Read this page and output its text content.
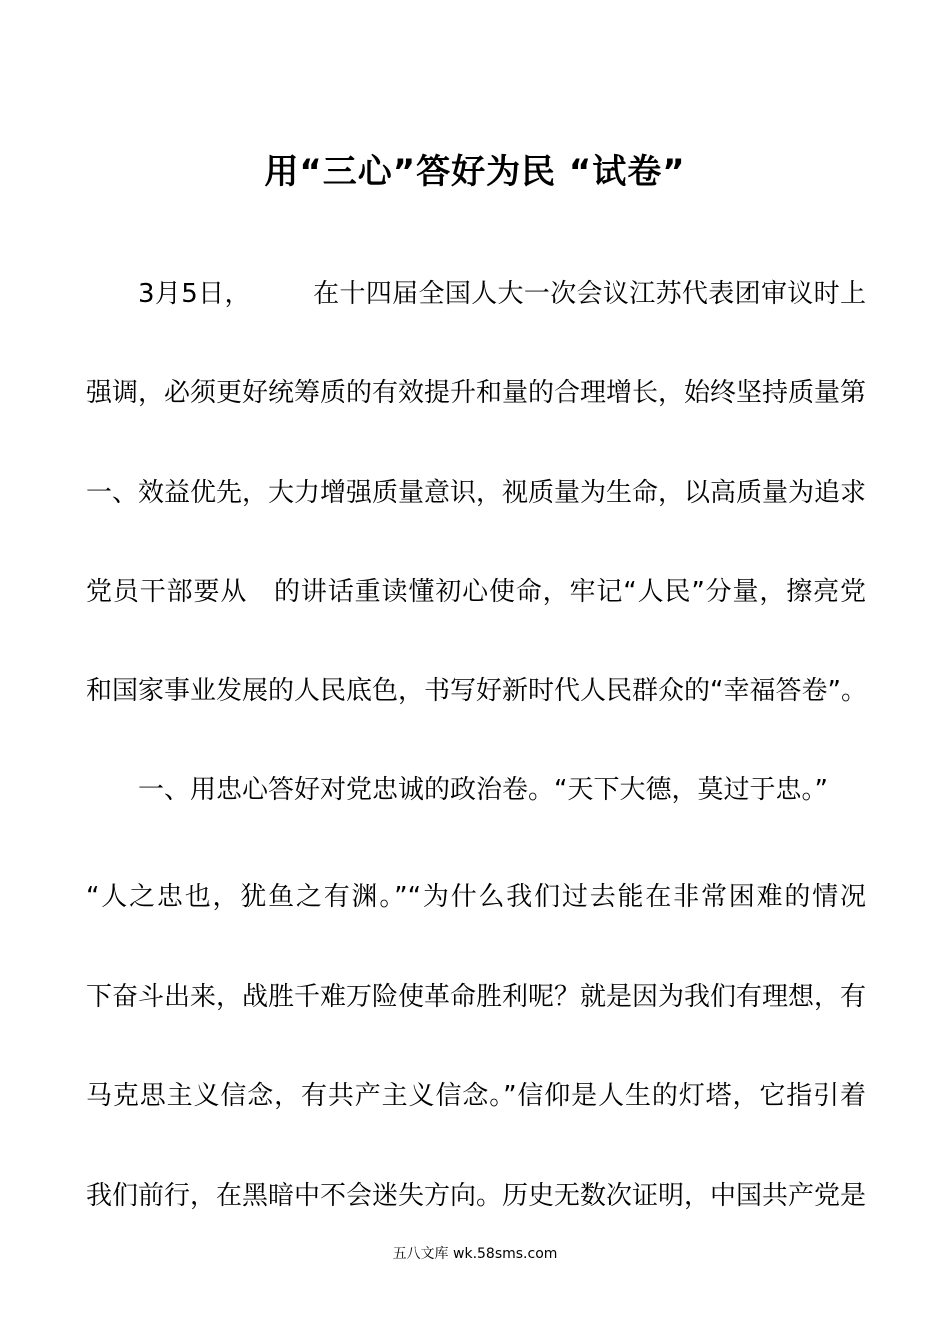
用“三心”答好为民 “试卷”
3月5日， 在十四届全国人大一次会议江苏代表团审议时上
强调，必须更好统筹质的有效提升和量的合理增长，始终坚持质量第
一、效益优先，大力增强质量意识，视质量为生命，以高质量为追求
党员干部要从 的讲话重读懂初心使命，牢记“人民”分量，擦亮党
和国家事业发展的人民底色，书写好新时代人民群众的“幸福答卷”。
一、用忠心答好对党忠诚的政治卷。“天下大德，莫过于忠。”
“人之忠也，犹鱼之有渊。”“为什么我们过去能在非常困难的情况
下奋斗出来，战胜千难万险使革命胜利呢？就是因为我们有理想，有
马克思主义信念，有共产主义信念。”信仰是人生的灯塔，它指引着
我们前行，在黑暗中不会迷失方向。历史无数次证明，中国共产党是
五八文库 wk.58sms.com
